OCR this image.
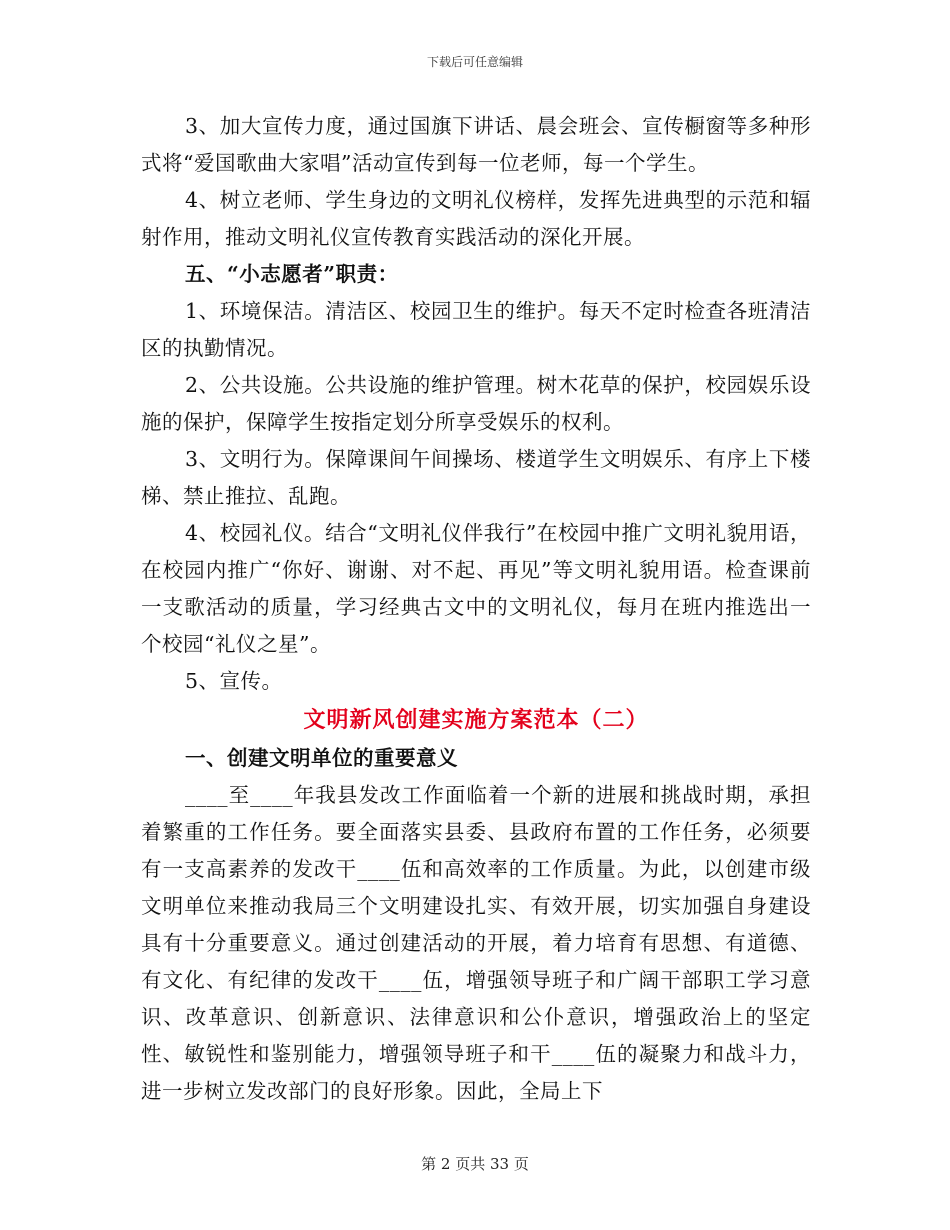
下载后可任意编辑

3、加大宣传力度，通过国旗下讲话、晨会班会、宣传橱窗等多种形式将“爱国歌曲大家唱”活动宣传到每一位老师，每一个学生。

4、树立老师、学生身边的文明礼仪榜样，发挥先进典型的示范和辐射作用，推动文明礼仪宣传教育实践活动的深化开展。

五、“小志愿者”职责：

1、环境保洁。清洁区、校园卫生的维护。每天不定时检查各班清洁区的执勤情况。

2、公共设施。公共设施的维护管理。树木花草的保护，校园娱乐设施的保护，保障学生按指定划分所享受娱乐的权利。

3、文明行为。保障课间午间操场、楼道学生文明娱乐、有序上下楼梯、禁止推拉、乱跑。

4、校园礼仪。结合“文明礼仪伴我行”在校园中推广文明礼貌用语，在校园内推广“你好、谢谢、对不起、再见”等文明礼貌用语。检查课前一支歌活动的质量，学习经典古文中的文明礼仪，每月在班内推选出一个校园“礼仪之星”。

5、宣传。

文明新风创建实施方案范本（二）

一、创建文明单位的重要意义

____至____年我县发改工作面临着一个新的进展和挑战时期，承担着繁重的工作任务。要全面落实县委、县政府布置的工作任务，必须要有一支高素养的发改干____伍和高效率的工作质量。为此，以创建市级文明单位来推动我局三个文明建设扎实、有效开展，切实加强自身建设具有十分重要意义。通过创建活动的开展，着力培育有思想、有道德、有文化、有纪律的发改干____伍，增强领导班子和广阔干部职工学习意识、改革意识、创新意识、法律意识和公仆意识，增强政治上的坚定性、敏锐性和鉴别能力，增强领导班子和干____伍的凝聚力和战斗力，进一步树立发改部门的良好形象。因此，全局上下

第 2 页共 33 页
